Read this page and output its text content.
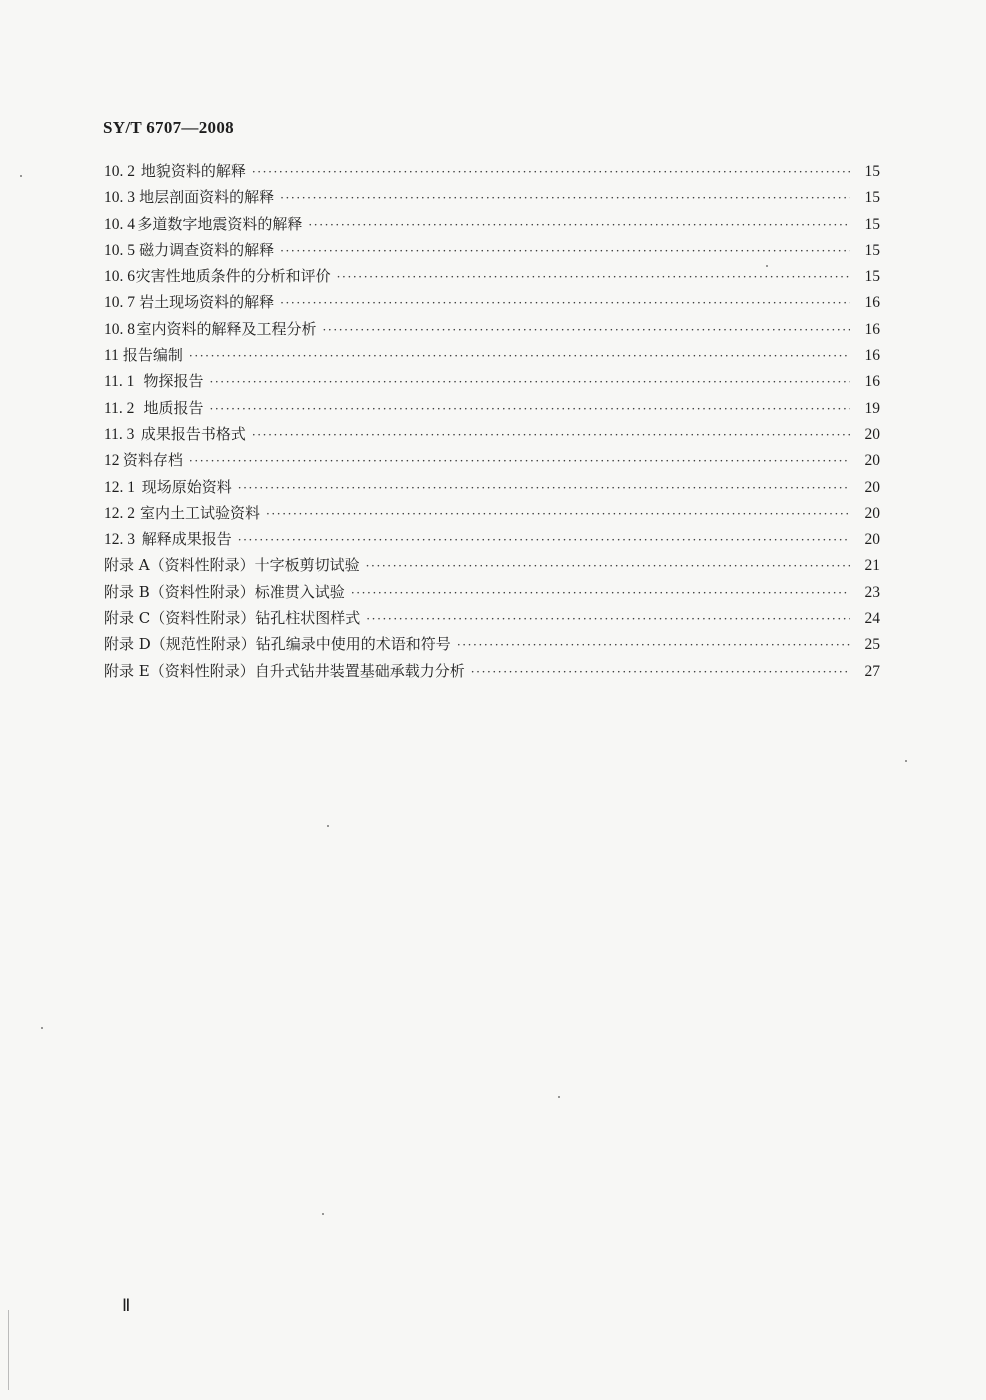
SY/T 6707—2008
10. 2 地貌资料的解释 ·····	15
10. 3 地层剖面资料的解释 ·····	15
10. 4 多道数字地震资料的解释 ·····	15
10. 5 磁力调查资料的解释 ·····	15
10. 6 灾害性地质条件的分析和评价 ·····	15
10. 7 岩土现场资料的解释 ·····	16
10. 8 室内资料的解释及工程分析 ·····	16
11 报告编制 ·····	16
11. 1 物探报告 ·····	16
11. 2 地质报告 ·····	19
11. 3 成果报告书格式 ·····	20
12 资料存档 ·····	20
12. 1 现场原始资料 ·····	20
12. 2 室内土工试验资料 ·····	20
12. 3 解释成果报告 ·····	20
附录 A（资料性附录） 十字板剪切试验 ·····	21
附录 B（资料性附录） 标准贯入试验 ·····	23
附录 C（资料性附录） 钻孔柱状图样式 ·····	24
附录 D（规范性附录） 钻孔编录中使用的术语和符号 ·····	25
附录 E（资料性附录） 自升式钻井装置基础承载力分析 ·····	27
Ⅱ
